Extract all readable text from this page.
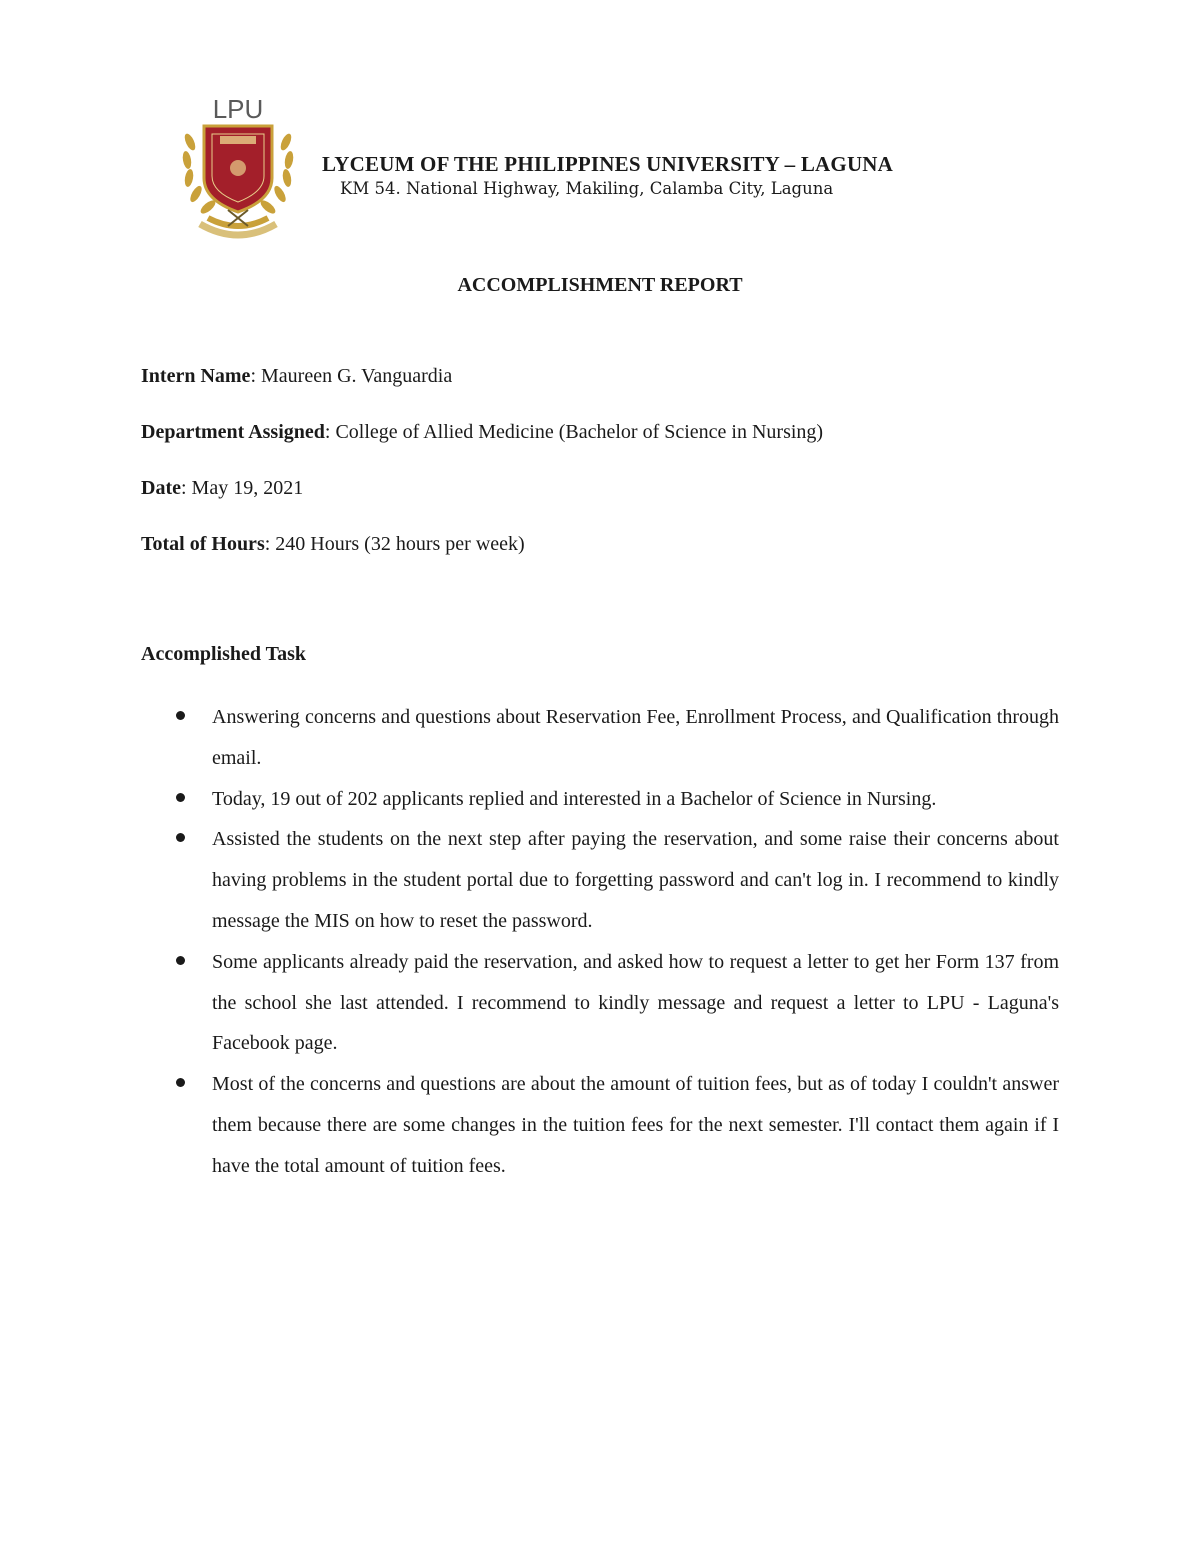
LPU
LYCEUM OF THE PHILIPPINES UNIVERSITY – LAGUNA
KM 54. National Highway, Makiling, Calamba City, Laguna
ACCOMPLISHMENT REPORT
Intern Name: Maureen G. Vanguardia
Department Assigned: College of Allied Medicine (Bachelor of Science in Nursing)
Date: May 19, 2021
Total of Hours: 240 Hours (32 hours per week)
Accomplished Task
Answering concerns and questions about Reservation Fee, Enrollment Process, and Qualification through email.
Today, 19 out of 202 applicants replied and interested in a Bachelor of Science in Nursing.
Assisted the students on the next step after paying the reservation, and some raise their concerns about having problems in the student portal due to forgetting password and can't log in. I recommend to kindly message the MIS on how to reset the password.
Some applicants already paid the reservation, and asked how to request a letter to get her Form 137 from the school she last attended. I recommend to kindly message and request a letter to LPU - Laguna's Facebook page.
Most of the concerns and questions are about the amount of tuition fees, but as of today I couldn't answer them because there are some changes in the tuition fees for the next semester. I'll contact them again if I have the total amount of tuition fees.
